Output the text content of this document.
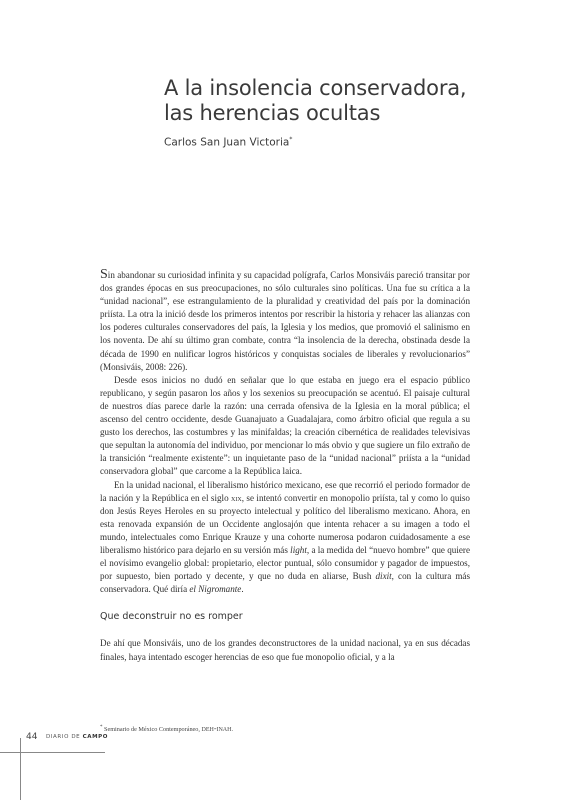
A la insolencia conservadora,
las herencias ocultas
Carlos San Juan Victoria*

Sin abandonar su curiosidad infinita y su capacidad polígrafa, Carlos Monsiváis pareció transitar por dos grandes épocas en sus preocupaciones, no sólo culturales sino políticas. Una fue su crítica a la “unidad nacional”, ese estrangulamiento de la pluralidad y creatividad del país por la dominación priísta. La otra la inició desde los primeros intentos por rescribir la historia y rehacer las alianzas con los poderes culturales conservadores del país, la Iglesia y los medios, que promovió el salinismo en los noventa. De ahí su último gran combate, contra “la insolencia de la derecha, obstinada desde la década de 1990 en nulificar logros históricos y conquistas sociales de liberales y revolucionarios” (Monsiváis, 2008: 226).

Desde esos inicios no dudó en señalar que lo que estaba en juego era el espacio público republicano, y según pasaron los años y los sexenios su preocupación se acentuó. El paisaje cultural de nuestros días parece darle la razón: una cerrada ofensiva de la Iglesia en la moral pública; el ascenso del centro occidente, desde Guanajuato a Guadalajara, como árbitro oficial que regula a su gusto los derechos, las costumbres y las minifaldas; la creación cibernética de realidades televisivas que sepultan la autonomía del individuo, por mencionar lo más obvio y que sugiere un filo extraño de la transición “realmente existente”: un inquietante paso de la “unidad nacional” priísta a la “unidad conservadora global” que carcome a la República laica.

En la unidad nacional, el liberalismo histórico mexicano, ese que recorrió el periodo formador de la nación y la República en el siglo xix, se intentó convertir en monopolio priísta, tal y como lo quiso don Jesús Reyes Heroles en su proyecto intelectual y político del liberalismo mexicano. Ahora, en esta renovada expansión de un Occidente anglosajón que intenta rehacer a su imagen a todo el mundo, intelectuales como Enrique Krauze y una cohorte numerosa podaron cuidadosamente a ese liberalismo histórico para dejarlo en su versión más light, a la medida del “nuevo hombre” que quiere el novísimo evangelio global: propietario, elector puntual, sólo consumidor y pagador de impuestos, por supuesto, bien portado y decente, y que no duda en aliarse, Bush dixit, con la cultura más conservadora. Qué diría el Nigromante.

Que deconstruir no es romper

De ahí que Monsiváis, uno de los grandes deconstructores de la unidad nacional, ya en sus décadas finales, haya intentado escoger herencias de eso que fue monopolio oficial, y a la

* Seminario de México Contemporáneo, deh-inah.
44 DIARIO DE CAMPO
